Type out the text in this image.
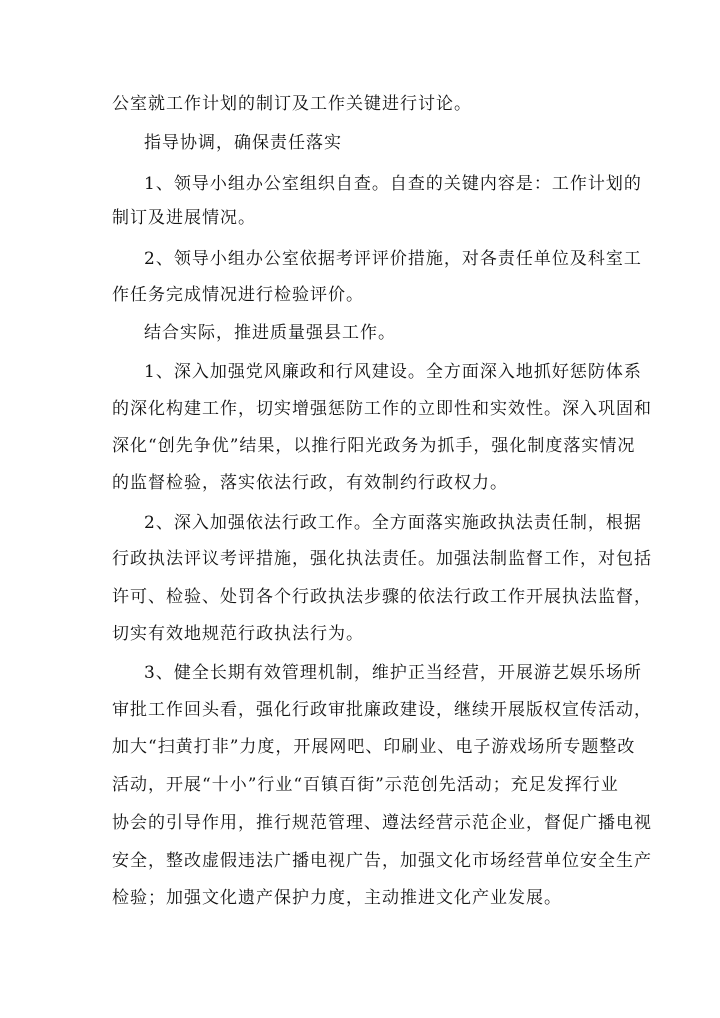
公室就工作计划的制订及工作关键进行讨论。
指导协调，确保责任落实
1、领导小组办公室组织自查。自查的关键内容是：工作计划的
制订及进展情况。
2、领导小组办公室依据考评评价措施，对各责任单位及科室工
作任务完成情况进行检验评价。
结合实际，推进质量强县工作。
1、深入加强党风廉政和行风建设。全方面深入地抓好惩防体系
的深化构建工作，切实增强惩防工作的立即性和实效性。深入巩固和
深化“创先争优”结果，以推行阳光政务为抓手，强化制度落实情况
的监督检验，落实依法行政，有效制约行政权力。
2、深入加强依法行政工作。全方面落实施政执法责任制，根据
行政执法评议考评措施，强化执法责任。加强法制监督工作，对包括
许可、检验、处罚各个行政执法步骤的依法行政工作开展执法监督，
切实有效地规范行政执法行为。
3、健全长期有效管理机制，维护正当经营，开展游艺娱乐场所
审批工作回头看，强化行政审批廉政建设，继续开展版权宣传活动，
加大“扫黄打非”力度，开展网吧、印刷业、电子游戏场所专题整改
活动，开展“十小”行业“百镇百街”示范创先活动；充足发挥行业
协会的引导作用，推行规范管理、遵法经营示范企业，督促广播电视
安全，整改虚假违法广播电视广告，加强文化市场经营单位安全生产
检验；加强文化遗产保护力度，主动推进文化产业发展。
